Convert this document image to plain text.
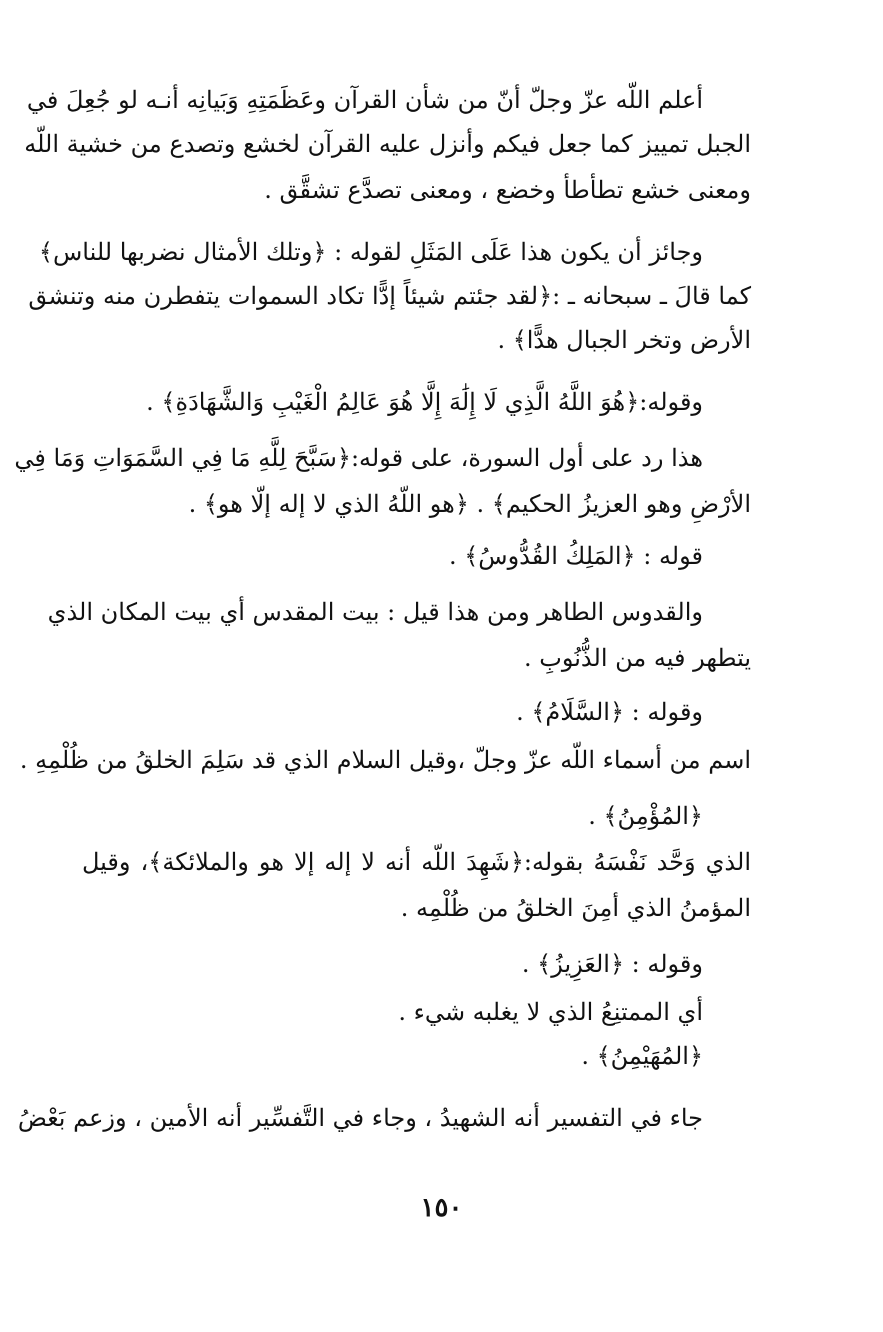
أعلم اللّه عزّ وجلّ أنّ من شأن القرآن وعَظَمَتِهِ وَبَيانِه أنـه لو جُعِلَ في
الجبل تمييز كما جعل فيكم وأنزل عليه القرآن لخشع وتصدع من خشية اللّه
ومعنى خشع تطأطأ وخضع ، ومعنى تصدَّع تشقَّق .
وجائز أن يكون هذا عَلَى المَثَلِ لقوله : ﴿وتلك الأمثال نضربها للناس﴾
كما قالَ ـ سبحانه ـ :﴿لقد جئتم شيئاً إدًّا تكاد السموات يتفطرن منه وتنشق
الأرض وتخر الجبال هدًّا﴾ .
وقوله:﴿هُوَ اللَّهُ الَّذِي لَا إِلَٰهَ إِلَّا هُوَ عَالِمُ الْغَيْبِ وَالشَّهَادَةِ﴾ .
هذا رد على أول السورة، على قوله:﴿سَبَّحَ لِلَّهِ مَا فِي السَّمَوَاتِ وَمَا فِي
الأرْضِ وهو العزيزُ الحكيم﴾ . ﴿هو اللّهُ الذي لا إله إلّا هو﴾ .
قوله : ﴿المَلِكُ القُدُّوسُ﴾ .
والقدوس الطاهر ومن هذا قيل : بيت المقدس أي بيت المكان الذي
يتطهر فيه من الذُّنُوبِ .
وقوله : ﴿السَّلَامُ﴾ .
اسم من أسماء اللّه عزّ وجلّ ،وقيل السلام الذي قد سَلِمَ الخلقُ من ظُلْمِهِ .
﴿المُؤْمِنُ﴾ .
الذي وَحَّد نَفْسَهُ بقوله:﴿شَهِدَ اللّه أنه لا إله إلا هو والملائكة﴾، وقيل
المؤمنُ الذي أمِنَ الخلقُ من ظُلْمِه .
وقوله : ﴿العَزِيزُ﴾ .
أي الممتنِعُ الذي لا يغلبه شيء .
﴿المُهَيْمِنُ﴾ .
جاء في التفسير أنه الشهيدُ ، وجاء في التَّفسِّير أنه الأمين ، وزعم بَعْضُ
١٥٠
